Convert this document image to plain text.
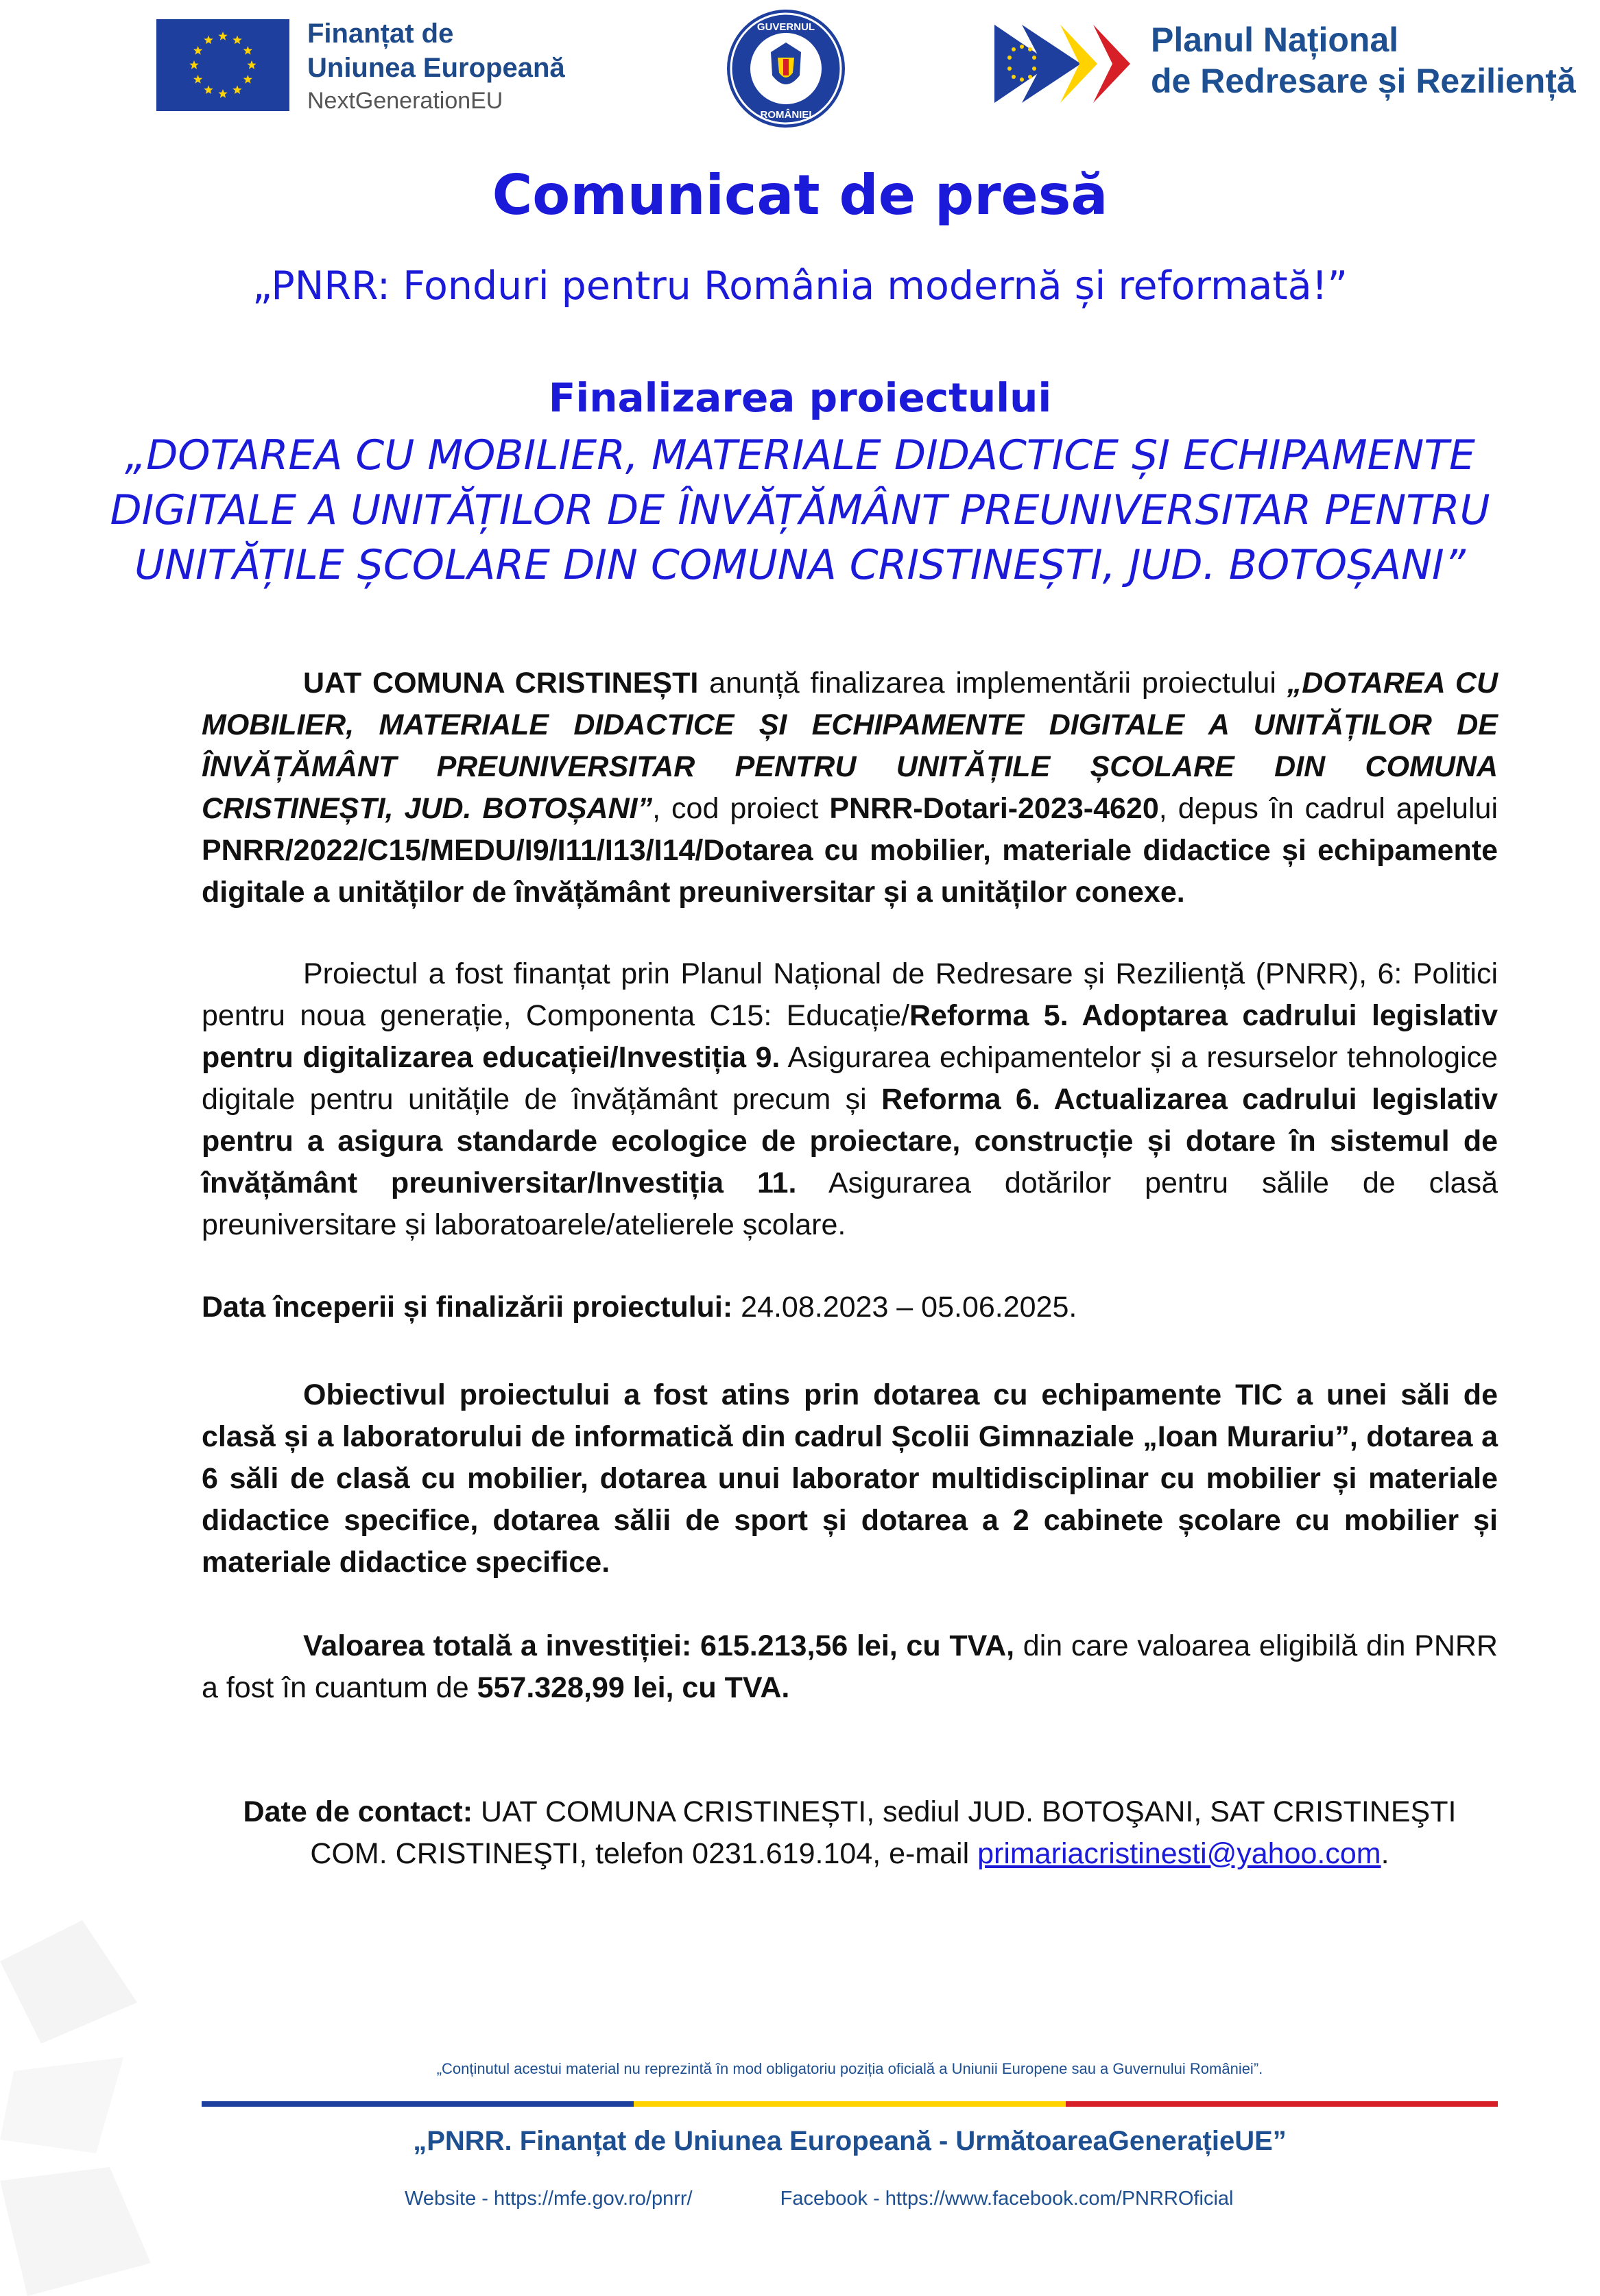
Finanțat de
Uniunea Europeană
NextGenerationEU
GUVERNUL
ROMÂNIEI
Planul Național
de Redresare și Reziliență
Comunicat de presă
„PNRR: Fonduri pentru România modernă și reformată!”
Finalizarea proiectului
„DOTAREA CU MOBILIER, MATERIALE DIDACTICE ȘI ECHIPAMENTE
DIGITALE A UNITĂȚILOR DE ÎNVĂȚĂMÂNT PREUNIVERSITAR PENTRU
UNITĂȚILE ȘCOLARE DIN COMUNA CRISTINEȘTI, JUD. BOTOȘANI”
UAT COMUNA CRISTINEȘTI anunță finalizarea implementării proiectului „DOTAREA CU MOBILIER, MATERIALE DIDACTICE ȘI ECHIPAMENTE DIGITALE A UNITĂȚILOR DE ÎNVĂȚĂMÂNT PREUNIVERSITAR PENTRU UNITĂȚILE ȘCOLARE DIN COMUNA CRISTINEȘTI, JUD. BOTOȘANI”, cod proiect PNRR-Dotari-2023-4620, depus în cadrul apelului PNRR/2022/C15/MEDU/I9/I11/I13/I14/Dotarea cu mobilier, materiale didactice și echipamente digitale a unităților de învățământ preuniversitar și a unităților conexe.
Proiectul a fost finanțat prin Planul Național de Redresare și Reziliență (PNRR), 6: Politici pentru noua generație, Componenta C15: Educație/Reforma 5. Adoptarea cadrului legislativ pentru digitalizarea educației/Investiția 9. Asigurarea echipamentelor și a resurselor tehnologice digitale pentru unitățile de învățământ precum și Reforma 6. Actualizarea cadrului legislativ pentru a asigura standarde ecologice de proiectare, construcție și dotare în sistemul de învățământ preuniversitar/Investiția 11. Asigurarea dotărilor pentru sălile de clasă preuniversitare și laboratoarele/atelierele școlare.
Data începerii și finalizării proiectului: 24.08.2023 – 05.06.2025.
Obiectivul proiectului a fost atins prin dotarea cu echipamente TIC a unei săli de clasă și a laboratorului de informatică din cadrul Școlii Gimnaziale „Ioan Murariu”, dotarea a 6 săli de clasă cu mobilier, dotarea unui laborator multidisciplinar cu mobilier și materiale didactice specifice, dotarea sălii de sport și dotarea a 2 cabinete școlare cu mobilier și materiale didactice specifice.
Valoarea totală a investiției: 615.213,56 lei, cu TVA, din care valoarea eligibilă din PNRR a fost în cuantum de 557.328,99 lei, cu TVA.
Date de contact: UAT COMUNA CRISTINEȘTI, sediul JUD. BOTOŞANI, SAT CRISTINEŞTI COM. CRISTINEŞTI, telefon 0231.619.104, e-mail primariacristinesti@yahoo.com.
„Conținutul acestui material nu reprezintă în mod obligatoriu poziția oficială a Uniunii Europene sau a Guvernului României”.
„PNRR. Finanțat de Uniunea Europeană - UrmătoareaGenerațieUE”
Website - https://mfe.gov.ro/pnrr/	Facebook - https://www.facebook.com/PNRROficial
